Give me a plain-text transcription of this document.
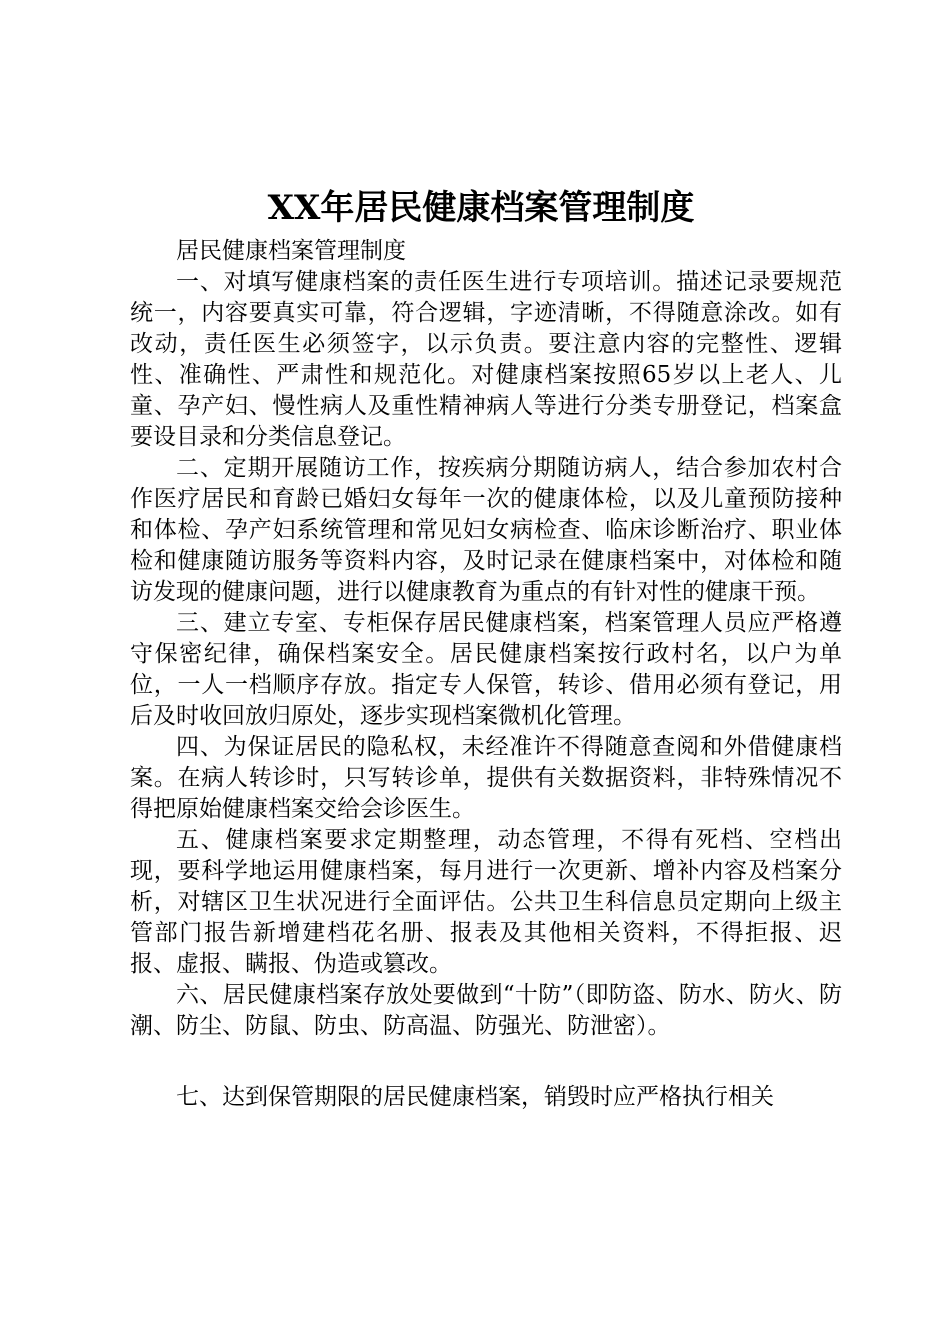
XX年居民健康档案管理制度

居民健康档案管理制度

一、对填写健康档案的责任医生进行专项培训。描述记录要规范统一，内容要真实可靠，符合逻辑，字迹清晰，不得随意涂改。如有改动，责任医生必须签字，以示负责。要注意内容的完整性、逻辑性、准确性、严肃性和规范化。对健康档案按照65岁以上老人、儿童、孕产妇、慢性病人及重性精神病人等进行分类专册登记，档案盒要设目录和分类信息登记。

二、定期开展随访工作，按疾病分期随访病人，结合参加农村合作医疗居民和育龄已婚妇女每年一次的健康体检，以及儿童预防接种和体检、孕产妇系统管理和常见妇女病检查、临床诊断治疗、职业体检和健康随访服务等资料内容，及时记录在健康档案中，对体检和随访发现的健康问题，进行以健康教育为重点的有针对性的健康干预。

三、建立专室、专柜保存居民健康档案，档案管理人员应严格遵守保密纪律，确保档案安全。居民健康档案按行政村名，以户为单位，一人一档顺序存放。指定专人保管，转诊、借用必须有登记，用后及时收回放归原处，逐步实现档案微机化管理。

四、为保证居民的隐私权，未经准许不得随意查阅和外借健康档案。在病人转诊时，只写转诊单，提供有关数据资料，非特殊情况不得把原始健康档案交给会诊医生。

五、健康档案要求定期整理，动态管理，不得有死档、空档出现，要科学地运用健康档案，每月进行一次更新、增补内容及档案分析，对辖区卫生状况进行全面评估。公共卫生科信息员定期向上级主管部门报告新增建档花名册、报表及其他相关资料，不得拒报、迟报、虚报、瞒报、伪造或篡改。

六、居民健康档案存放处要做到“十防”（即防盗、防水、防火、防潮、防尘、防鼠、防虫、防高温、防强光、防泄密）。

七、达到保管期限的居民健康档案，销毁时应严格执行相关
